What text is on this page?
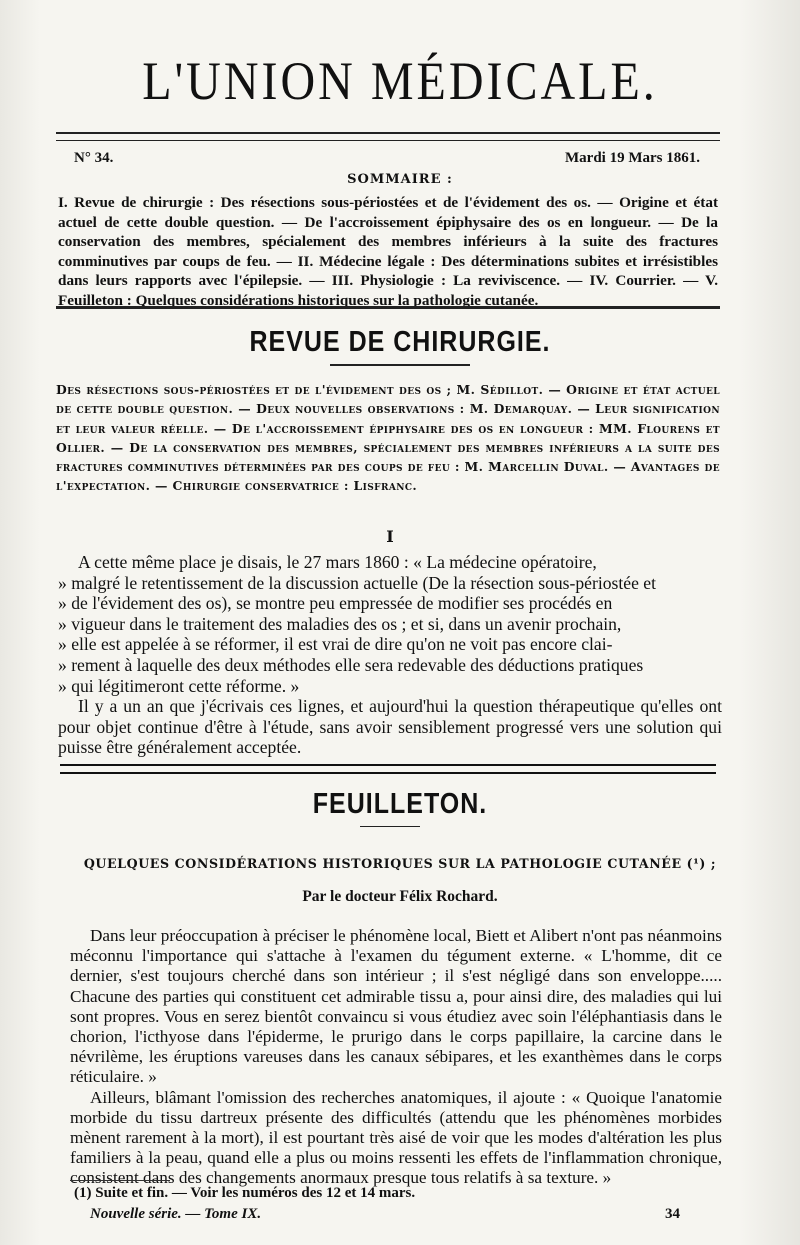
L'UNION MÉDICALE.
N° 34.	Mardi 19 Mars 1861.
SOMMAIRE :

I. Revue de chirurgie : Des résections sous-périostées et de l'évidement des os. — Origine et état actuel de cette double question. — De l'accroissement épiphysaire des os en longueur. — De la conservation des membres, spécialement des membres inférieurs à la suite des fractures comminutives par coups de feu. — II. Médecine légale : Des déterminations subites et irrésistibles dans leurs rapports avec l'épilepsie. — III. Physiologie : La reviviscence. — IV. Courrier. — V. Feuilleton : Quelques considérations historiques sur la pathologie cutanée.

REVUE DE CHIRURGIE.
Des résections sous-périostées et de l'évidement des os ; M. Sédillot. — Origine et état actuel de cette double question. — Deux nouvelles observations : M. Demarquay. — Leur signification et leur valeur réelle. — De l'accroissement épiphysaire des os en longueur : MM. Flourens et Ollier. — De la conservation des membres, spécialement des membres inférieurs a la suite des fractures comminutives déterminées par des coups de feu : M. Marcellin Duval. — Avantages de l'expectation. — Chirurgie conservatrice : Lisfranc.
I

A cette même place je disais, le 27 mars 1860 : « La médecine opératoire,
» malgré le retentissement de la discussion actuelle (De la résection sous-périostée et
» de l'évidement des os), se montre peu empressée de modifier ses procédés en
» vigueur dans le traitement des maladies des os ; et si, dans un avenir prochain,
» elle est appelée à se réformer, il est vrai de dire qu'on ne voit pas encore clai-
» rement à laquelle des deux méthodes elle sera redevable des déductions pratiques
» qui légitimeront cette réforme. »

Il y a un an que j'écrivais ces lignes, et aujourd'hui la question thérapeutique qu'elles ont pour objet continue d'être à l'étude, sans avoir sensiblement progressé vers une solution qui puisse être généralement acceptée.

FEUILLETON.
QUELQUES CONSIDÉRATIONS HISTORIQUES SUR LA PATHOLOGIE CUTANÉE (¹) ;
Par le docteur Félix Rochard.

Dans leur préoccupation à préciser le phénomène local, Biett et Alibert n'ont pas néanmoins méconnu l'importance qui s'attache à l'examen du tégument externe. « L'homme, dit ce dernier, s'est toujours cherché dans son intérieur ; il s'est négligé dans son enveloppe..... Chacune des parties qui constituent cet admirable tissu a, pour ainsi dire, des maladies qui lui sont propres. Vous en serez bientôt convaincu si vous étudiez avec soin l'éléphantiasis dans le chorion, l'icthyose dans l'épiderme, le prurigo dans le corps papillaire, la carcine dans le névrilème, les éruptions vareuses dans les canaux sébipares, et les exanthèmes dans le corps réticulaire. »

Ailleurs, blâmant l'omission des recherches anatomiques, il ajoute : « Quoique l'anatomie morbide du tissu dartreux présente des difficultés (attendu que les phénomènes morbides mènent rarement à la mort), il est pourtant très aisé de voir que les modes d'altération les plus familiers à la peau, quand elle a plus ou moins ressenti les effets de l'inflammation chronique, consistent dans des changements anormaux presque tous relatifs à sa texture. »

(1) Suite et fin. — Voir les numéros des 12 et 14 mars.
Nouvelle série. — Tome IX.	34
